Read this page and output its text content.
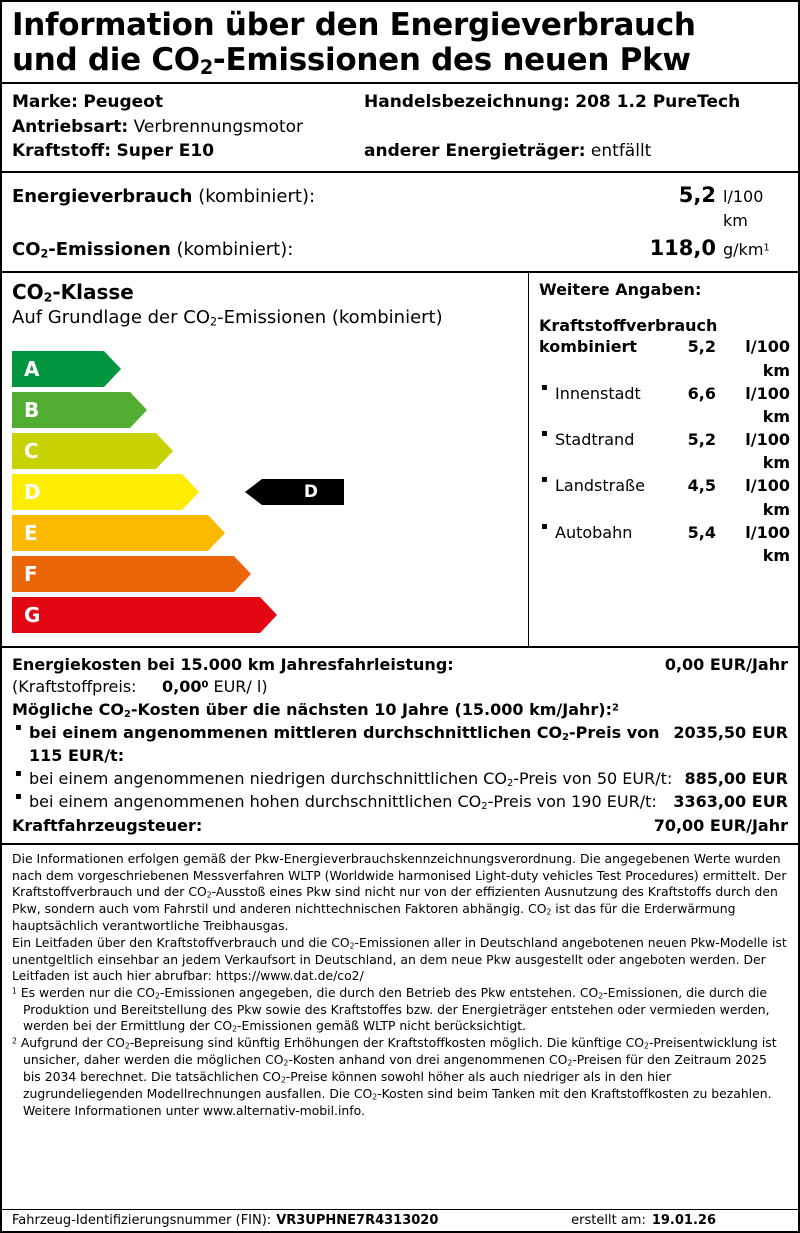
Information über den Energieverbrauch
und die $CO_2$-Emissionen des neuen Pkw
Marke: Peugeot	Handelsbezeichnung: 208 1.2 PureTech
Antriebsart: Verbrennungsmotor
Kraftstoff: Super E10	anderer Energieträger: entfällt
Energieverbrauch (kombiniert):	5,2 l/100 km
$CO_2$-Emissionen (kombiniert):	118,0 $g/km^1$
$CO_2$-Klasse
Auf Grundlage der $CO_2$-Emissionen (kombiniert)
A
B
C
D
E
F
G
D
Weitere Angaben:
Kraftstoffverbrauch
kombiniert	5,2	l/100 km
▪ Innenstadt	6,6	l/100 km
▪ Stadtrand	5,2	l/100 km
▪ Landstraße	4,5	l/100 km
▪ Autobahn	5,4	l/100 km
Energiekosten bei 15.000 km Jahresfahrleistung:	0,00 EUR/Jahr
(Kraftstoffpreis: 0,00$^0$ EUR/ l)
Mögliche $CO_2$-Kosten über die nächsten 10 Jahre (15.000 km/Jahr):$^2$
▪ bei einem angenommenen mittleren durchschnittlichen $CO_2$-Preis von 115 EUR/t:
2035,50 EUR
▪ bei einem angenommenen niedrigen durchschnittlichen $CO_2$-Preis von 50 EUR/t: 885,00 EUR
▪ bei einem angenommenen hohen durchschnittlichen $CO_2$-Preis von 190 EUR/t:	3363,00 EUR
Kraftfahrzeugsteuer:	70,00 EUR/Jahr

Die Informationen erfolgen gemäß der Pkw-Energieverbrauchskennzeichnungsverordnung. Die angegebenen Werte wurden nach dem vorgeschriebenen Messverfahren WLTP (Worldwide harmonised Light-duty vehicles Test Procedures) ermittelt. Der Kraftstoffverbrauch und der $CO_2$-Ausstoß eines Pkw sind nicht nur von der effizienten Ausnutzung des Kraftstoffs durch den Pkw, sondern auch vom Fahrstil und anderen nichttechnischen Faktoren abhängig. $CO_2$ ist das für die Erderwärmung hauptsächlich verantwortliche Treibhausgas.

Ein Leitfaden über den Kraftstoffverbrauch und die $CO_2$-Emissionen aller in Deutschland angebotenen neuen Pkw-Modelle ist unentgeltlich einsehbar an jedem Verkaufsort in Deutschland, an dem neue Pkw ausgestellt oder angeboten werden. Der Leitfaden ist auch hier abrufbar: https://www.dat.de/co2/

$^1$ Es werden nur die $CO_2$-Emissionen angegeben, die durch den Betrieb des Pkw entstehen. $CO_2$-Emissionen, die durch die Produktion und Bereitstellung des Pkw sowie des Kraftstoffes bzw. der Energieträger entstehen oder vermieden werden, werden bei der Ermittlung der $CO_2$-Emissionen gemäß WLTP nicht berücksichtigt.

$^2$ Aufgrund der $CO_2$-Bepreisung sind künftig Erhöhungen der Kraftstoffkosten möglich. Die künftige $CO_2$-Preisentwicklung ist unsicher, daher werden die möglichen $CO_2$-Kosten anhand von drei angenommenen $CO_2$-Preisen für den Zeitraum 2025 bis 2034 berechnet. Die tatsächlichen $CO_2$-Preise können sowohl höher als auch niedriger als in den hier zugrundeliegenden Modellrechnungen ausfallen. Die $CO_2$-Kosten sind beim Tanken mit den Kraftstoffkosten zu bezahlen. Weitere Informationen unter www.alternativ-mobil.info.

Fahrzeug-Identifizierungsnummer (FIN): VR3UPHNE7R4313020	erstellt am: 19.01.26
